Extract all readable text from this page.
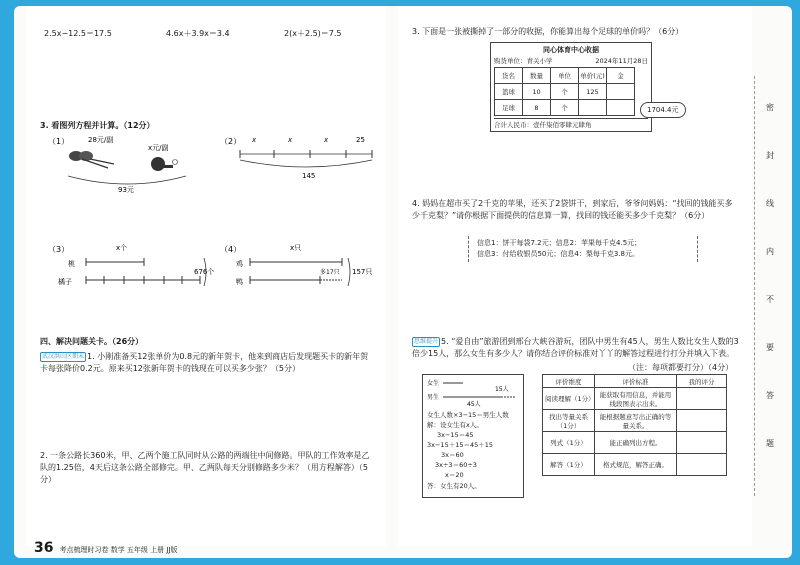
2.5x−12.5＝17.5	4.6x＋3.9x＝3.4	2(x＋2.5)＝7.5
3. 看图列方程并计算。（12分）
（1）	28元/副
x元/副
93元
（2） x	x	x	25
145
（3）	x个
桃
橘子
676个
（4）	x只
鸡
鸭
多17只 157只
四、解决问题关卡。（26分）
武汉洪山区期末 1. 小刚准备买12张单价为0.8元的新年贺卡，他来到商店后发现题买卡的新年贺卡每张降价0.2元。原来买12张新年贺卡的钱现在可以买多少张？（5分）
2. 一条公路长360米，甲、乙两个施工队同时从公路的两端往中间修路。甲队的工作效率是乙队的1.25倍，4天后这条公路全部修完。甲、乙两队每天分别修路多少米？（用方程解答）（5分）
3. 下面是一张被撕掉了一部分的收据，你能算出每个足球的单价吗？（6分）
同心体育中心收据
购货单位：青关小学	2024年11月28日
货名	数量	单位	单价(元)	金
篮球	10	个	125	
足球	8	个		
合计人民币：壹仟柒佰零肆元肆角
1704.4元
4. 妈妈在超市买了2千克的苹果，还买了2袋饼干，到家后，爷爷问妈妈：“找回的钱能买多少千克梨？”请你根据下面提供的信息算一算，找回的钱还能买多少千克梨？（6分）
信息1：饼干每袋7.2元；信息2：苹果每千克4.5元；
信息3：付给收银员50元；信息4：梨每千克3.8元。
思维提升 5. “爱自由”旅游团到邢台大峡谷游玩，团队中男生有45人，男生人数比女生人数的3倍少15人，那么女生有多少人？请你结合评价标准对丫丫的解答过程进行打分并填入下表。
（注：每项都要打分）（4分）
女生
男生
15人
45人
女生人数×3−15＝男生人数
解：设女生有x人。
3x−15＝45
3x−15＋15＝45＋15
3x＝60
3x÷3＝60÷3
x＝20
答：女生有20人。
评价维度	评价标准	我的评分
阅读理解（1分）	能获取有用信息，并能用线段图表示出来。	
找出等量关系（1分）	能根据题意写出正确的等量关系。	
列式（1分）	能正确列出方程。	
解答（1分）	格式规范，解答正确。	
密
封
线
内
不
要
答
题
36 考点梳理时习卷 数学 五年级 上册 JJ版
